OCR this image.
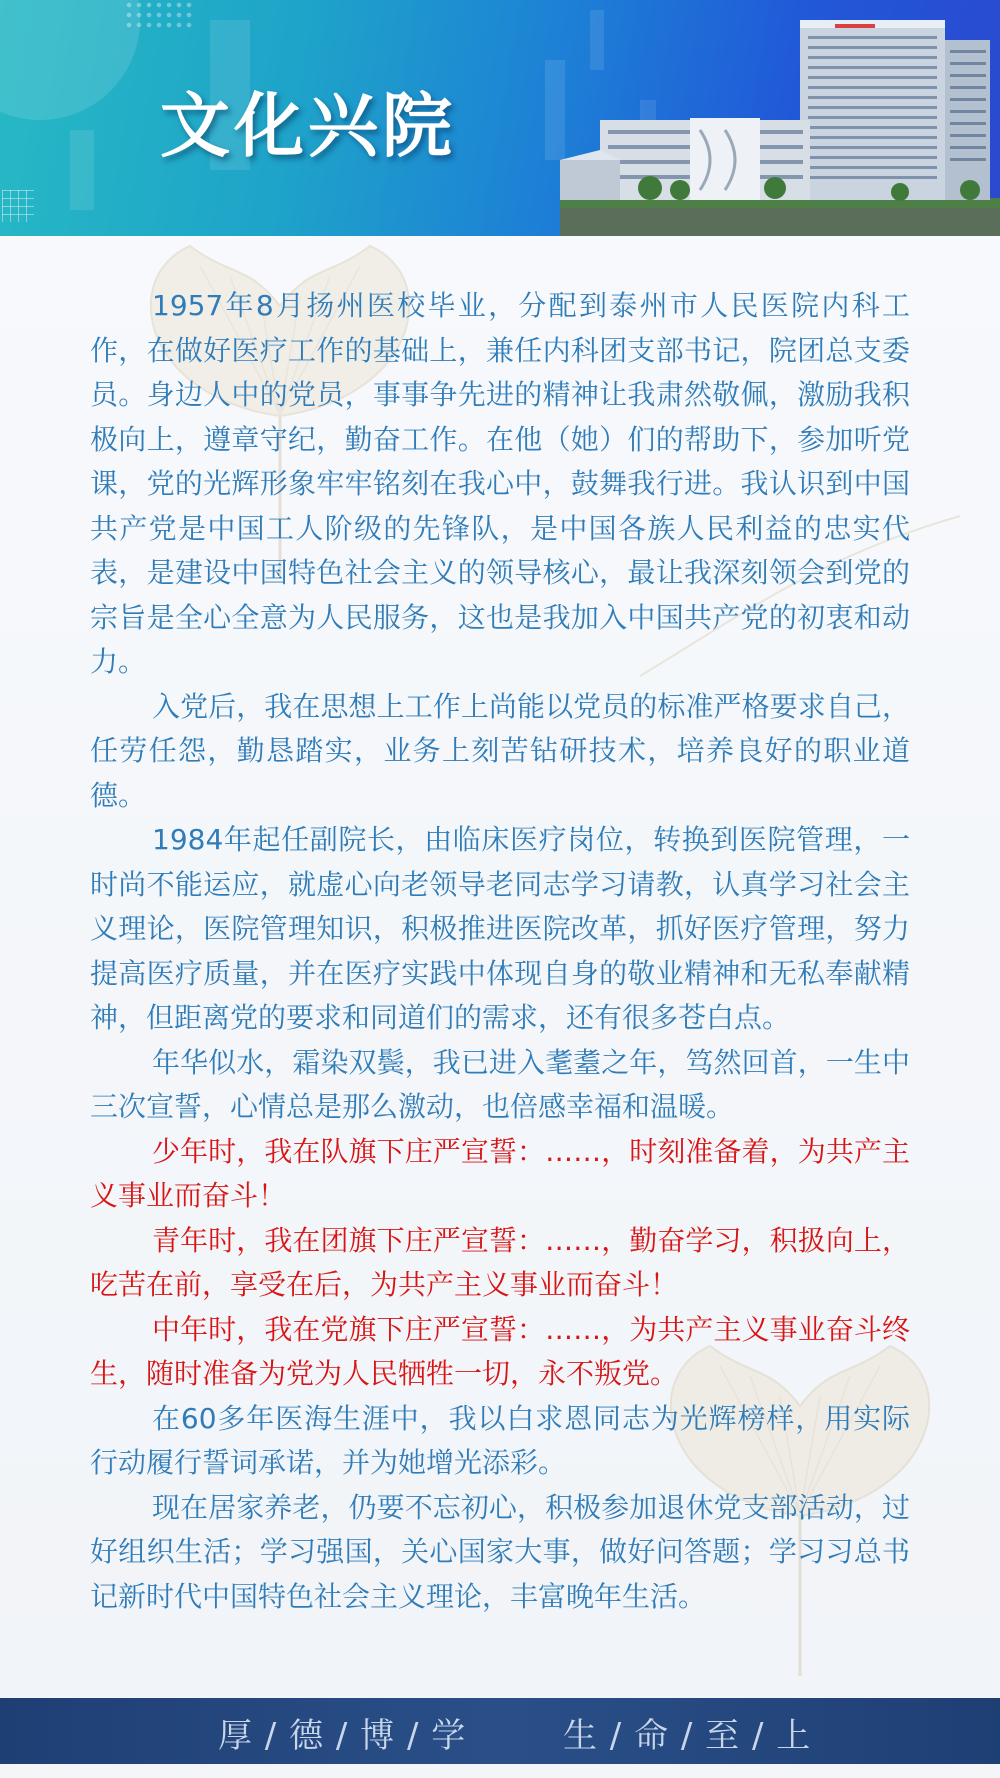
文化兴院

1957年8月扬州医校毕业，分配到泰州市人民医院内科工作，在做好医疗工作的基础上，兼任内科团支部书记，院团总支委员。身边人中的党员，事事争先进的精神让我肃然敬佩，激励我积极向上，遵章守纪，勤奋工作。在他（她）们的帮助下，参加听党课，党的光辉形象牢牢铭刻在我心中，鼓舞我行进。我认识到中国共产党是中国工人阶级的先锋队，是中国各族人民利益的忠实代表，是建设中国特色社会主义的领导核心，最让我深刻领会到党的宗旨是全心全意为人民服务，这也是我加入中国共产党的初衷和动力。

入党后，我在思想上工作上尚能以党员的标准严格要求自己，任劳任怨，勤恳踏实，业务上刻苦钻研技术，培养良好的职业道德。

1984年起任副院长，由临床医疗岗位，转换到医院管理，一时尚不能运应，就虚心向老领导老同志学习请教，认真学习社会主义理论，医院管理知识，积极推进医院改革，抓好医疗管理，努力提高医疗质量，并在医疗实践中体现自身的敬业精神和无私奉献精神，但距离党的要求和同道们的需求，还有很多苍白点。

年华似水，霜染双鬓，我已进入耄耋之年，笃然回首，一生中三次宣誓，心情总是那么激动，也倍感幸福和温暖。

少年时，我在队旗下庄严宣誓：……，时刻准备着，为共产主义事业而奋斗！

青年时，我在团旗下庄严宣誓：……，勤奋学习，积扱向上，吃苦在前，享受在后，为共产主义事业而奋斗！

中年时，我在党旗下庄严宣誓：……，为共产主义事业奋斗终生，随时准备为党为人民牺牲一切，永不叛党。

在60多年医海生涯中，我以白求恩同志为光辉榜样，用实际行动履行誓词承诺，并为她增光添彩。

现在居家养老，仍要不忘初心，积极参加退休党支部活动，过好组织生活；学习强国，关心国家大事，做好问答题；学习习总书记新时代中国特色社会主义理论，丰富晚年生活。

厚 / 德 / 博 / 学	生 / 命 / 至 / 上
